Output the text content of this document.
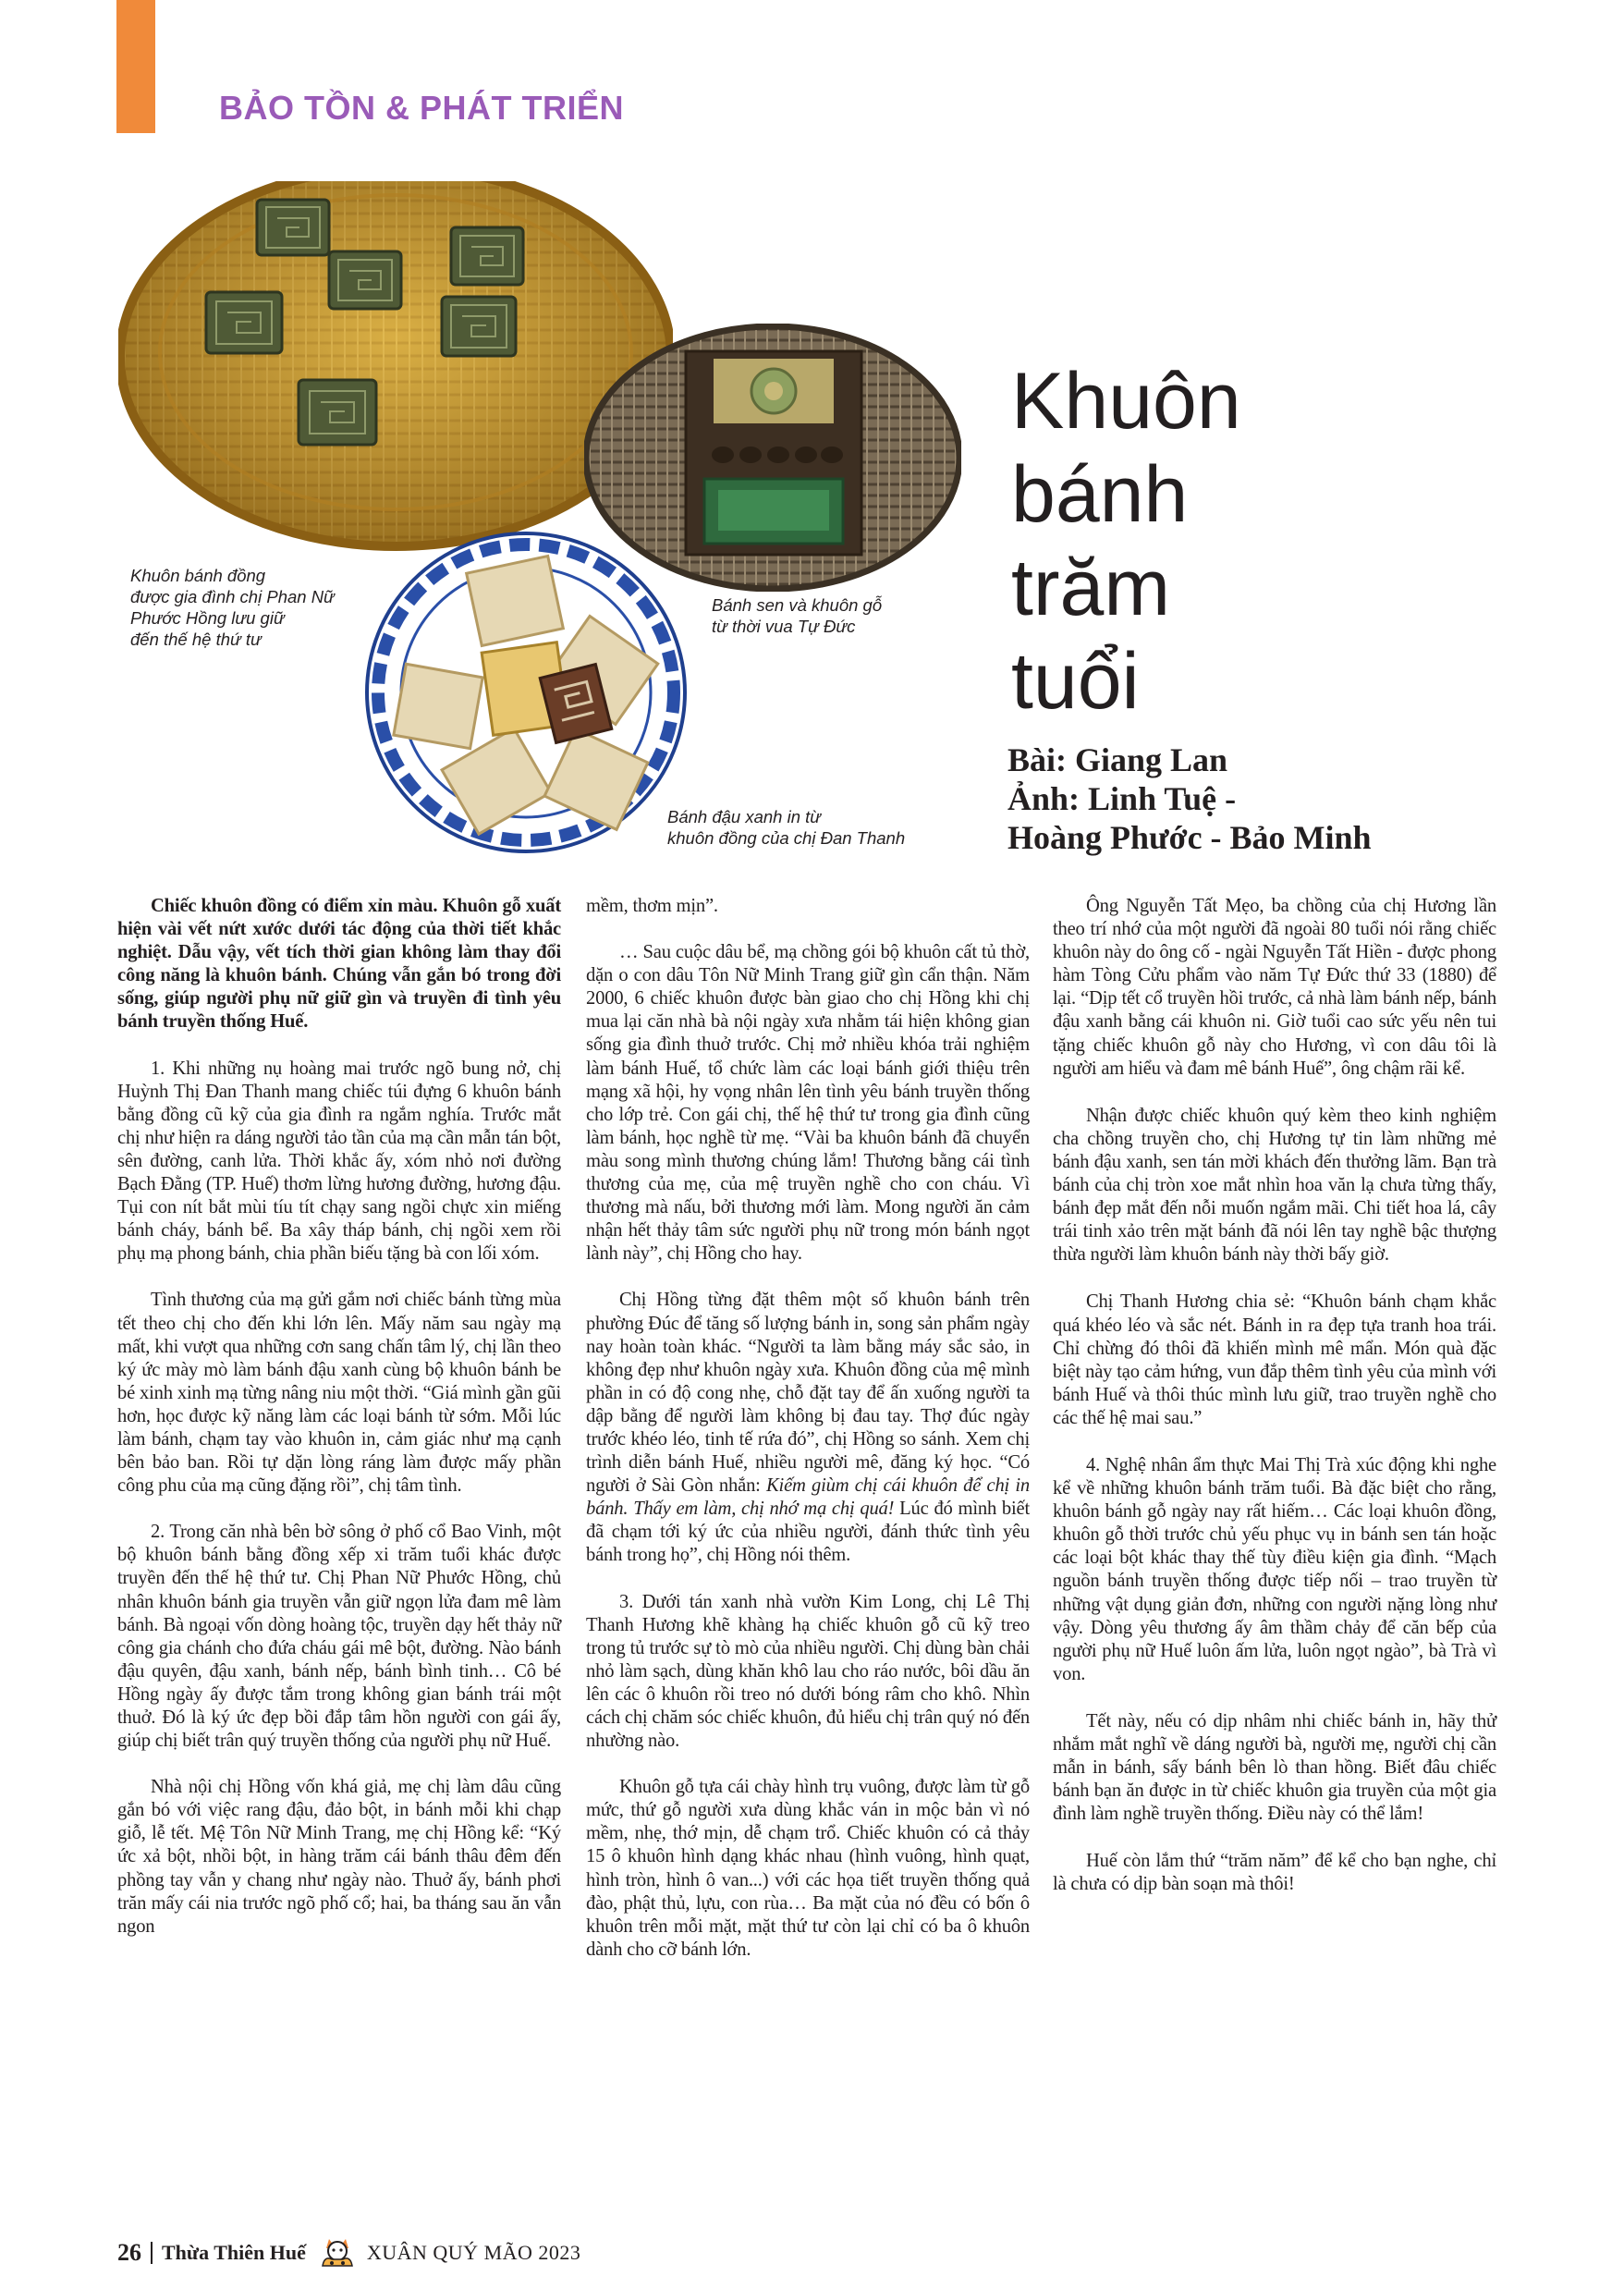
BẢO TỒN & PHÁT TRIỂN

Khuôn bánh đồng
được gia đình chị Phan Nữ
Phước Hồng lưu giữ
đến thế hệ thứ tư

Bánh sen và khuôn gỗ
từ thời vua Tự Đức

Bánh đậu xanh in từ
khuôn đồng của chị Đan Thanh

Khuôn
bánh
trăm
tuổi

Bài: Giang Lan
Ảnh: Linh Tuệ -
Hoàng Phước - Bảo Minh

Chiếc khuôn đồng có điểm xỉn màu. Khuôn gỗ xuất hiện vài vết nứt xước dưới tác động của thời tiết khắc nghiệt. Dẫu vậy, vết tích thời gian không làm thay đổi công năng là khuôn bánh. Chúng vẫn gắn bó trong đời sống, giúp người phụ nữ giữ gìn và truyền đi tình yêu bánh truyền thống Huế.

1. Khi những nụ hoàng mai trước ngõ bung nở, chị Huỳnh Thị Đan Thanh mang chiếc túi đựng 6 khuôn bánh bằng đồng cũ kỹ của gia đình ra ngắm nghía. Trước mắt chị như hiện ra dáng người tảo tần của mạ cần mẫn tán bột, sên đường, canh lửa. Thời khắc ấy, xóm nhỏ nơi đường Bạch Đằng (TP. Huế) thơm lừng hương đường, hương đậu. Tụi con nít bắt mùi tíu tít chạy sang ngồi chực xin miếng bánh cháy, bánh bể. Ba xây tháp bánh, chị ngồi xem rồi phụ mạ phong bánh, chia phần biếu tặng bà con lối xóm.

Tình thương của mạ gửi gắm nơi chiếc bánh từng mùa tết theo chị cho đến khi lớn lên. Mấy năm sau ngày mạ mất, khi vượt qua những cơn sang chấn tâm lý, chị lần theo ký ức mày mò làm bánh đậu xanh cùng bộ khuôn bánh be bé xinh xinh mạ từng nâng niu một thời. “Giá mình gần gũi hơn, học được kỹ năng làm các loại bánh từ sớm. Mỗi lúc làm bánh, chạm tay vào khuôn in, cảm giác như mạ cạnh bên bảo ban. Rồi tự dặn lòng ráng làm được mấy phần công phu của mạ cũng đặng rồi”, chị tâm tình.

2. Trong căn nhà bên bờ sông ở phố cổ Bao Vinh, một bộ khuôn bánh bằng đồng xếp xi trăm tuổi khác được truyền đến thế hệ thứ tư. Chị Phan Nữ Phước Hồng, chủ nhân khuôn bánh gia truyền vẫn giữ ngọn lửa đam mê làm bánh. Bà ngoại vốn dòng hoàng tộc, truyền dạy hết thảy nữ công gia chánh cho đứa cháu gái mê bột, đường. Nào bánh đậu quyên, đậu xanh, bánh nếp, bánh bình tinh… Cô bé Hồng ngày ấy được tắm trong không gian bánh trái một thuở. Đó là ký ức đẹp bồi đắp tâm hồn người con gái ấy, giúp chị biết trân quý truyền thống của người phụ nữ Huế.

Nhà nội chị Hồng vốn khá giả, mẹ chị làm dâu cũng gắn bó với việc rang đậu, đảo bột, in bánh mỗi khi chạp giỗ, lễ tết. Mệ Tôn Nữ Minh Trang, mẹ chị Hồng kể: “Ký ức xả bột, nhồi bột, in hàng trăm cái bánh thâu đêm đến phồng tay vẫn y chang như ngày nào. Thuở ấy, bánh phơi trăn mấy cái nia trước ngõ phố cổ; hai, ba tháng sau ăn vẫn ngon

mềm, thơm mịn”.

… Sau cuộc dâu bể, mạ chồng gói bộ khuôn cất tủ thờ, dặn o con dâu Tôn Nữ Minh Trang giữ gìn cẩn thận. Năm 2000, 6 chiếc khuôn được bàn giao cho chị Hồng khi chị mua lại căn nhà bà nội ngày xưa nhằm tái hiện không gian sống gia đình thuở trước. Chị mở nhiều khóa trải nghiệm làm bánh Huế, tổ chức làm các loại bánh giới thiệu trên mạng xã hội, hy vọng nhân lên tình yêu bánh truyền thống cho lớp trẻ. Con gái chị, thế hệ thứ tư trong gia đình cũng làm bánh, học nghề từ mẹ. “Vài ba khuôn bánh đã chuyển màu song mình thương chúng lắm! Thương bằng cái tình thương của mẹ, của mệ truyền nghề cho con cháu. Vì thương mà nấu, bởi thương mới làm. Mong người ăn cảm nhận hết thảy tâm sức người phụ nữ trong món bánh ngọt lành này”, chị Hồng cho hay.

Chị Hồng từng đặt thêm một số khuôn bánh trên phường Đúc để tăng số lượng bánh in, song sản phẩm ngày nay hoàn toàn khác. “Người ta làm bằng máy sắc sảo, in không đẹp như khuôn ngày xưa. Khuôn đồng của mệ mình phần in có độ cong nhẹ, chỗ đặt tay để ấn xuống người ta dập bằng để người làm không bị đau tay. Thợ đúc ngày trước khéo léo, tinh tế rứa đó”, chị Hồng so sánh. Xem chị trình diễn bánh Huế, nhiều người mê, đăng ký học. “Có người ở Sài Gòn nhắn: Kiếm giùm chị cái khuôn để chị in bánh. Thấy em làm, chị nhớ mạ chị quá! Lúc đó mình biết đã chạm tới ký ức của nhiều người, đánh thức tình yêu bánh trong họ”, chị Hồng nói thêm.

3. Dưới tán xanh nhà vườn Kim Long, chị Lê Thị Thanh Hương khẽ khàng hạ chiếc khuôn gỗ cũ kỹ treo trong tủ trước sự tò mò của nhiều người. Chị dùng bàn chải nhỏ làm sạch, dùng khăn khô lau cho ráo nước, bôi dầu ăn lên các ô khuôn rồi treo nó dưới bóng râm cho khô. Nhìn cách chị chăm sóc chiếc khuôn, đủ hiểu chị trân quý nó đến nhường nào.

Khuôn gỗ tựa cái chày hình trụ vuông, được làm từ gỗ mức, thứ gỗ người xưa dùng khắc ván in mộc bản vì nó mềm, nhẹ, thớ mịn, dễ chạm trổ. Chiếc khuôn có cả thảy 15 ô khuôn hình dạng khác nhau (hình vuông, hình quạt, hình tròn, hình ô van...) với các họa tiết truyền thống quả đào, phật thủ, lựu, con rùa… Ba mặt của nó đều có bốn ô khuôn trên mỗi mặt, mặt thứ tư còn lại chỉ có ba ô khuôn dành cho cỡ bánh lớn.

Ông Nguyễn Tất Mẹo, ba chồng của chị Hương lần theo trí nhớ của một người đã ngoài 80 tuổi nói rằng chiếc khuôn này do ông cố - ngài Nguyễn Tất Hiền - được phong hàm Tòng Cửu phẩm vào năm Tự Đức thứ 33 (1880) để lại. “Dịp tết cổ truyền hồi trước, cả nhà làm bánh nếp, bánh đậu xanh bằng cái khuôn ni. Giờ tuổi cao sức yếu nên tui tặng chiếc khuôn gỗ này cho Hương, vì con dâu tôi là người am hiểu và đam mê bánh Huế”, ông chậm rãi kể.

Nhận được chiếc khuôn quý kèm theo kinh nghiệm cha chồng truyền cho, chị Hương tự tin làm những mẻ bánh đậu xanh, sen tán mời khách đến thưởng lãm. Bạn trà bánh của chị tròn xoe mắt nhìn hoa văn lạ chưa từng thấy, bánh đẹp mắt đến nỗi muốn ngắm mãi. Chi tiết hoa lá, cây trái tinh xảo trên mặt bánh đã nói lên tay nghề bậc thượng thừa người làm khuôn bánh này thời bấy giờ.

Chị Thanh Hương chia sẻ: “Khuôn bánh chạm khắc quá khéo léo và sắc nét. Bánh in ra đẹp tựa tranh hoa trái. Chỉ chừng đó thôi đã khiến mình mê mẩn. Món quà đặc biệt này tạo cảm hứng, vun đắp thêm tình yêu của mình với bánh Huế và thôi thúc mình lưu giữ, trao truyền nghề cho các thế hệ mai sau.”

4. Nghệ nhân ẩm thực Mai Thị Trà xúc động khi nghe kể về những khuôn bánh trăm tuổi. Bà đặc biệt cho rằng, khuôn bánh gỗ ngày nay rất hiếm… Các loại khuôn đồng, khuôn gỗ thời trước chủ yếu phục vụ in bánh sen tán hoặc các loại bột khác thay thế tùy điều kiện gia đình. “Mạch nguồn bánh truyền thống được tiếp nối – trao truyền từ những vật dụng giản đơn, những con người nặng lòng như vậy. Dòng yêu thương ấy âm thầm chảy để căn bếp của người phụ nữ Huế luôn ấm lửa, luôn ngọt ngào”, bà Trà vì von.

Tết này, nếu có dịp nhâm nhi chiếc bánh in, hãy thử nhắm mắt nghĩ về dáng người bà, người mẹ, người chị cần mẫn in bánh, sấy bánh bên lò than hồng. Biết đâu chiếc bánh bạn ăn được in từ chiếc khuôn gia truyền của một gia đình làm nghề truyền thống. Điều này có thể lắm!

Huế còn lắm thứ “trăm năm” để kể cho bạn nghe, chỉ là chưa có dịp bàn soạn mà thôi!

26 Thừa Thiên Huế	XUÂN QUÝ MÃO 2023
